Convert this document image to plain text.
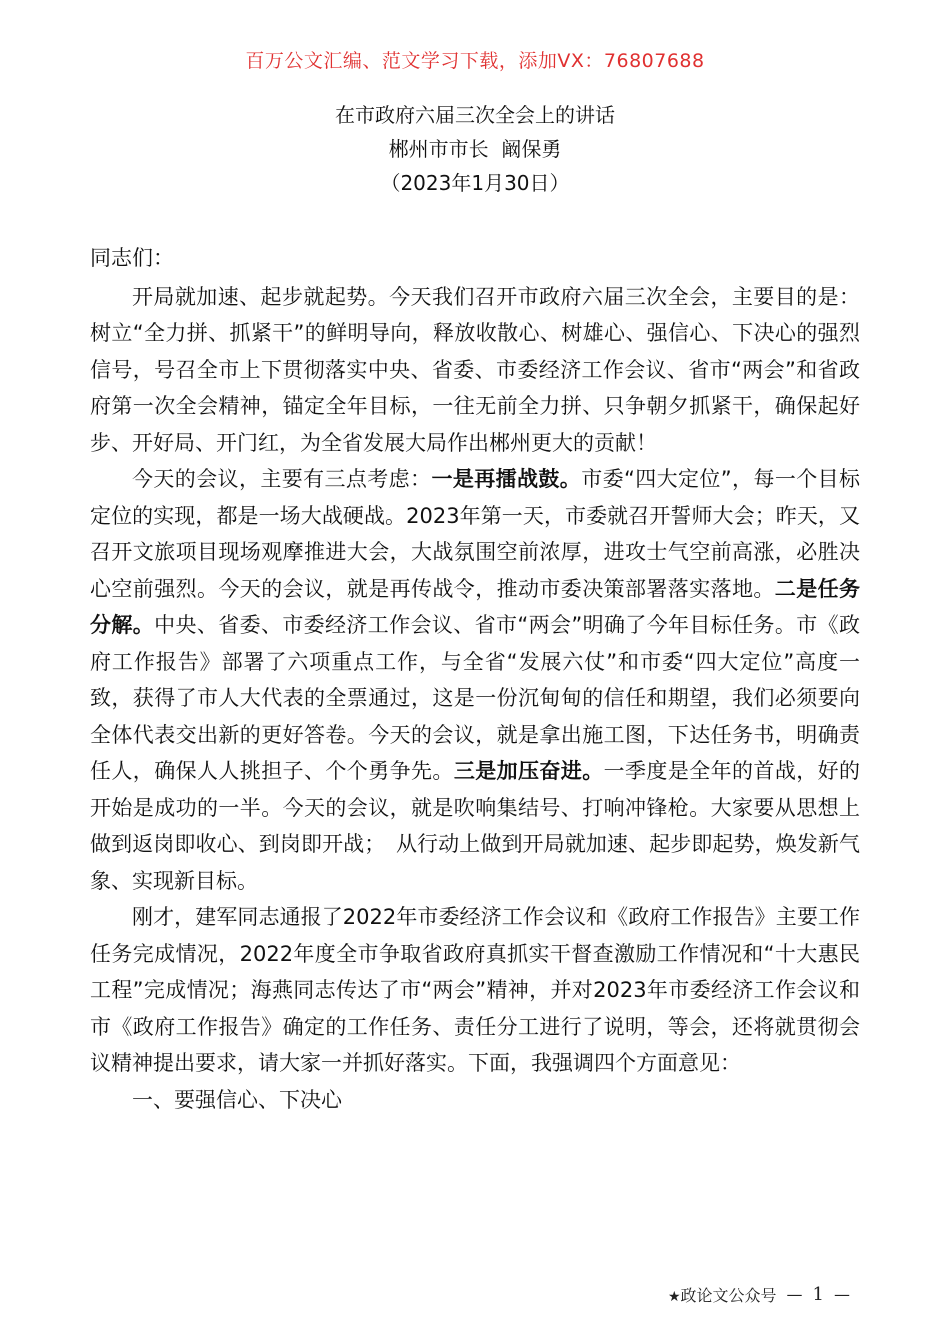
百万公文汇编、范文学习下载，添加VX：76807688
在市政府六届三次全会上的讲话
郴州市市长  阚保勇
（2023年1月30日）

同志们：

开局就加速、起步就起势。今天我们召开市政府六届三次全会，主要目的是：树立“全力拼、抓紧干”的鲜明导向，释放收散心、树雄心、强信心、下决心的强烈信号，号召全市上下贯彻落实中央、省委、市委经济工作会议、省市“两会”和省政府第一次全会精神，锚定全年目标，一往无前全力拼、只争朝夕抓紧干，确保起好步、开好局、开门红，为全省发展大局作出郴州更大的贡献！

今天的会议，主要有三点考虑：一是再擂战鼓。市委“四大定位”，每一个目标定位的实现，都是一场大战硬战。2023年第一天，市委就召开誓师大会；昨天，又召开文旅项目现场观摩推进大会，大战氛围空前浓厚，进攻士气空前高涨，必胜决心空前强烈。今天的会议，就是再传战令，推动市委决策部署落实落地。二是任务分解。中央、省委、市委经济工作会议、省市“两会”明确了今年目标任务。市《政府工作报告》部署了六项重点工作，与全省“发展六仗”和市委“四大定位”高度一致，获得了市人大代表的全票通过，这是一份沉甸甸的信任和期望，我们必须要向全体代表交出新的更好答卷。今天的会议，就是拿出施工图，下达任务书，明确责任人，确保人人挑担子、个个勇争先。三是加压奋进。一季度是全年的首战，好的开始是成功的一半。今天的会议，就是吹响集结号、打响冲锋枪。大家要从思想上做到返岗即收心、到岗即开战；　从行动上做到开局就加速、起步即起势，焕发新气象、实现新目标。

刚才，建军同志通报了2022年市委经济工作会议和《政府工作报告》主要工作任务完成情况，2022年度全市争取省政府真抓实干督查激励工作情况和“十大惠民工程”完成情况；海燕同志传达了市“两会”精神，并对2023年市委经济工作会议和市《政府工作报告》确定的工作任务、责任分工进行了说明，等会，还将就贯彻会议精神提出要求，请大家一并抓好落实。下面，我强调四个方面意见：

一、要强信心、下决心

★政论文公众号 — 1 —
